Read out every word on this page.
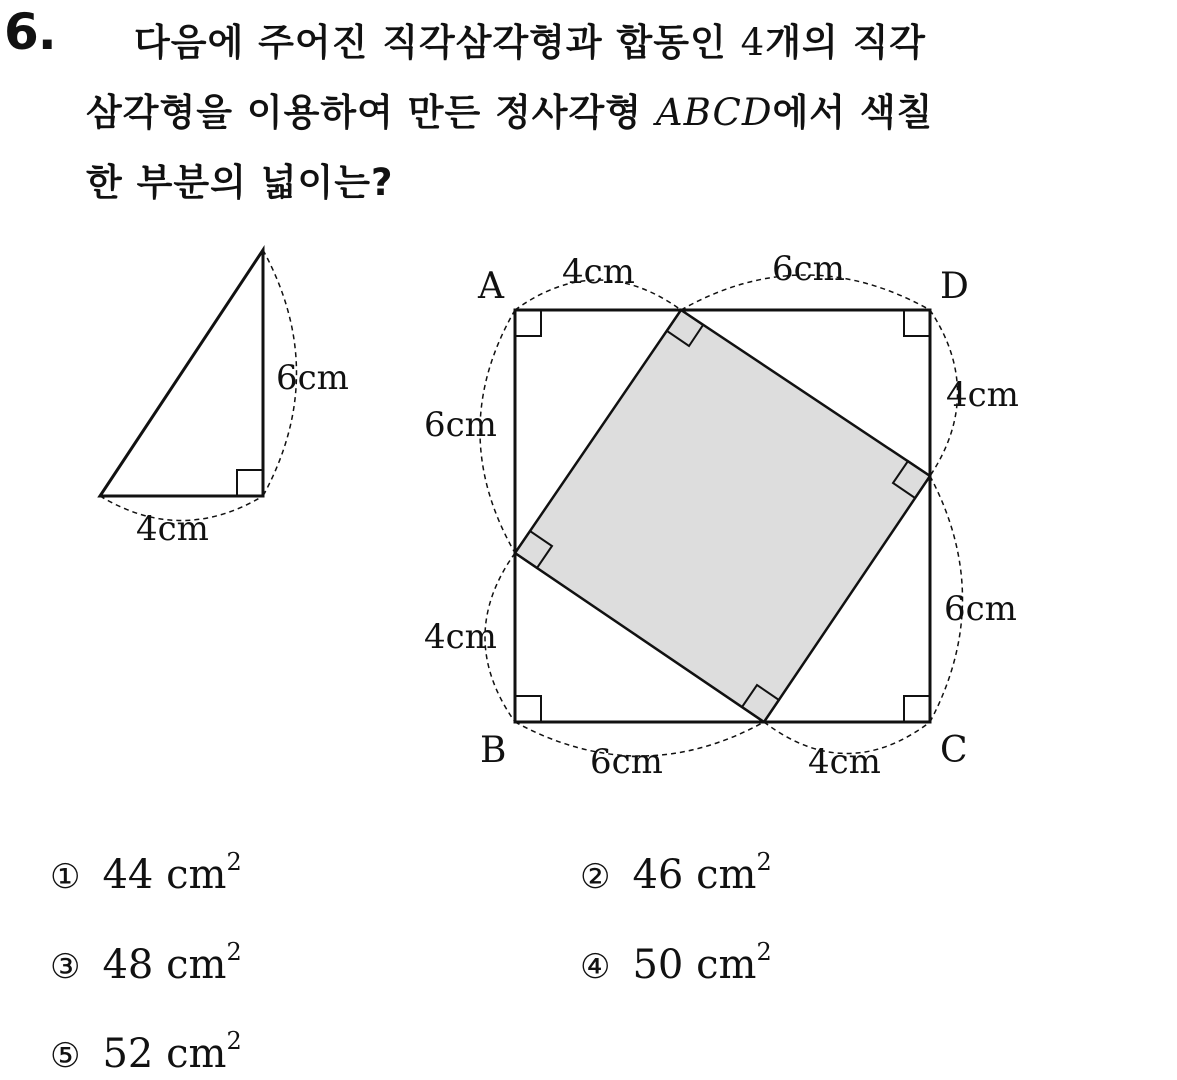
6.	다음에 주어진 직각삼각형과 합동인 4개의 직각
삼각형을 이용하여 만든 정사각형 ABCD에서 색칠
한 부분의 넓이는?
6cm
4cm
A	D
B	C
4cm	6cm
4cm
6cm
6cm
4cm
6cm	4cm
① 44 $cm^2$	② 46 $cm^2$
③ 48 $cm^2$	④ 50 $cm^2$
⑤ 52 $cm^2$
